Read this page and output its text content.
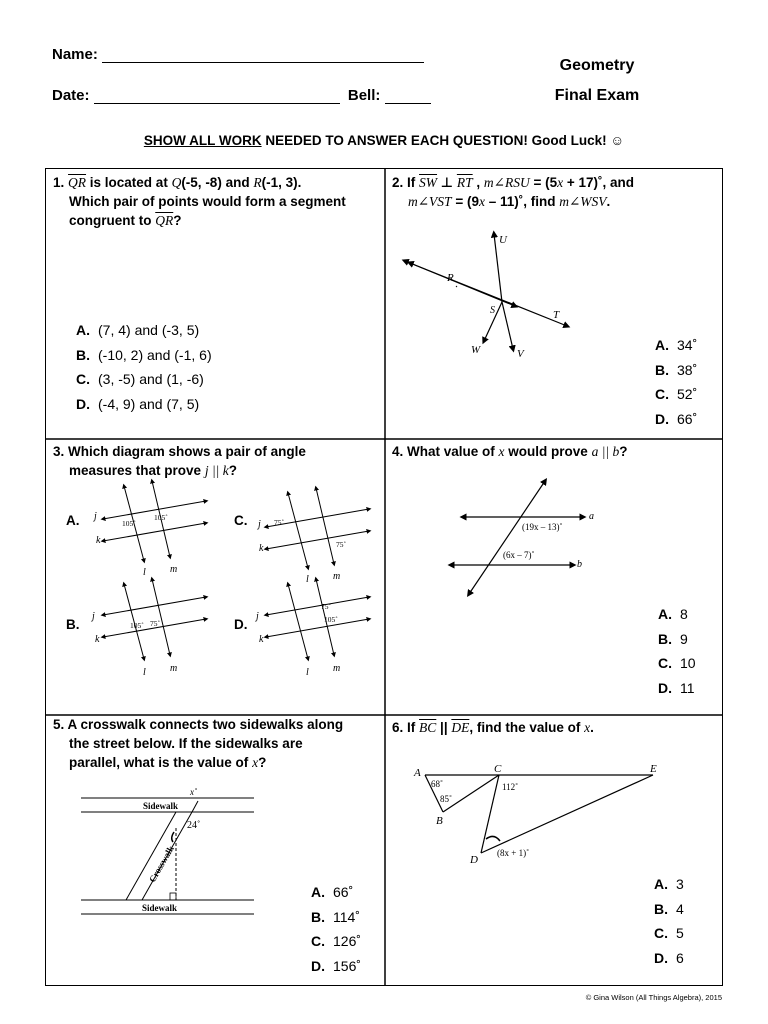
Name:
Date:	Bell:
Geometry
Final Exam
SHOW ALL WORK NEEDED TO ANSWER EACH QUESTION! Good Luck! ☺
1. $\overline{QR}$ is located at Q(-5, -8) and R(-1, 3).
Which pair of points would form a segment
congruent to $\overline{QR}$?
A. (7, 4) and (-3, 5)
B. (-10, 2) and (-1, 6)
C. (3, -5) and (1, -6)
D. (-4, 9) and (7, 5)
2. If $\overline{SW}$ ⊥ $\overline{RT}$ , m∠RSU = (5x + 17)˚, and
m∠VST = (9x – 11)˚, find m∠WSV.
U
R
S	T
W	V
A. 34˚
B. 38˚
C. 52˚
D. 66˚
3. Which diagram shows a pair of angle
measures that prove j || k?
A.	C.
B.	D.
j
k
l m
105˚
105˚
j
k
l m
75˚
75˚
j
k
l m
105˚ 75˚
j
k
l m
75˚
105˚
4. What value of x would prove a || b?
a
b
(19x – 13)˚
(6x – 7)˚
A. 8
B. 9
C. 10
D. 11
5. A crosswalk connects two sidewalks along
the street below. If the sidewalks are
parallel, what is the value of x?
Sidewalk
Sidewalk
Crosswalk
x˚
24˚
A. 66˚
B. 114˚
C. 126˚
D. 156˚
6. If $\overline{BC}$ || $\overline{DE}$, find the value of x.
A
B
C
D
E
68˚
85˚
112˚
(8x + 1)˚
A. 3
B. 4
C. 5
D. 6
© Gina Wilson (All Things Algebra), 2015
